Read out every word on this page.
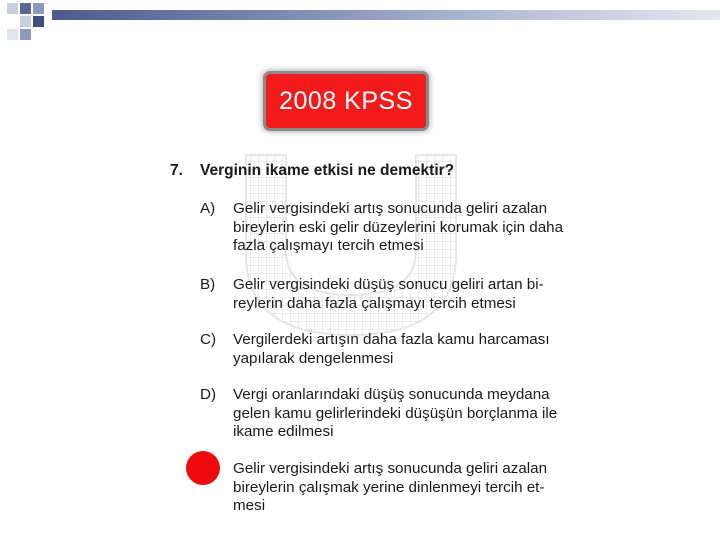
2008 KPSS
7. Verginin ikame etkisi ne demektir?
A) Gelir vergisindeki artış sonucunda geliri azalan
bireylerin eski gelir düzeylerini korumak için daha
fazla çalışmayı tercih etmesi
B) Gelir vergisindeki düşüş sonucu geliri artan bi-
reylerin daha fazla çalışmayı tercih etmesi
C) Vergilerdeki artışın daha fazla kamu harcaması
yapılarak dengelenmesi
D) Vergi oranlarındaki düşüş sonucunda meydana
gelen kamu gelirlerindeki düşüşün borçlanma ile
ikame edilmesi
Gelir vergisindeki artış sonucunda geliri azalan
bireylerin çalışmak yerine dinlenmeyi tercih et-
mesi
